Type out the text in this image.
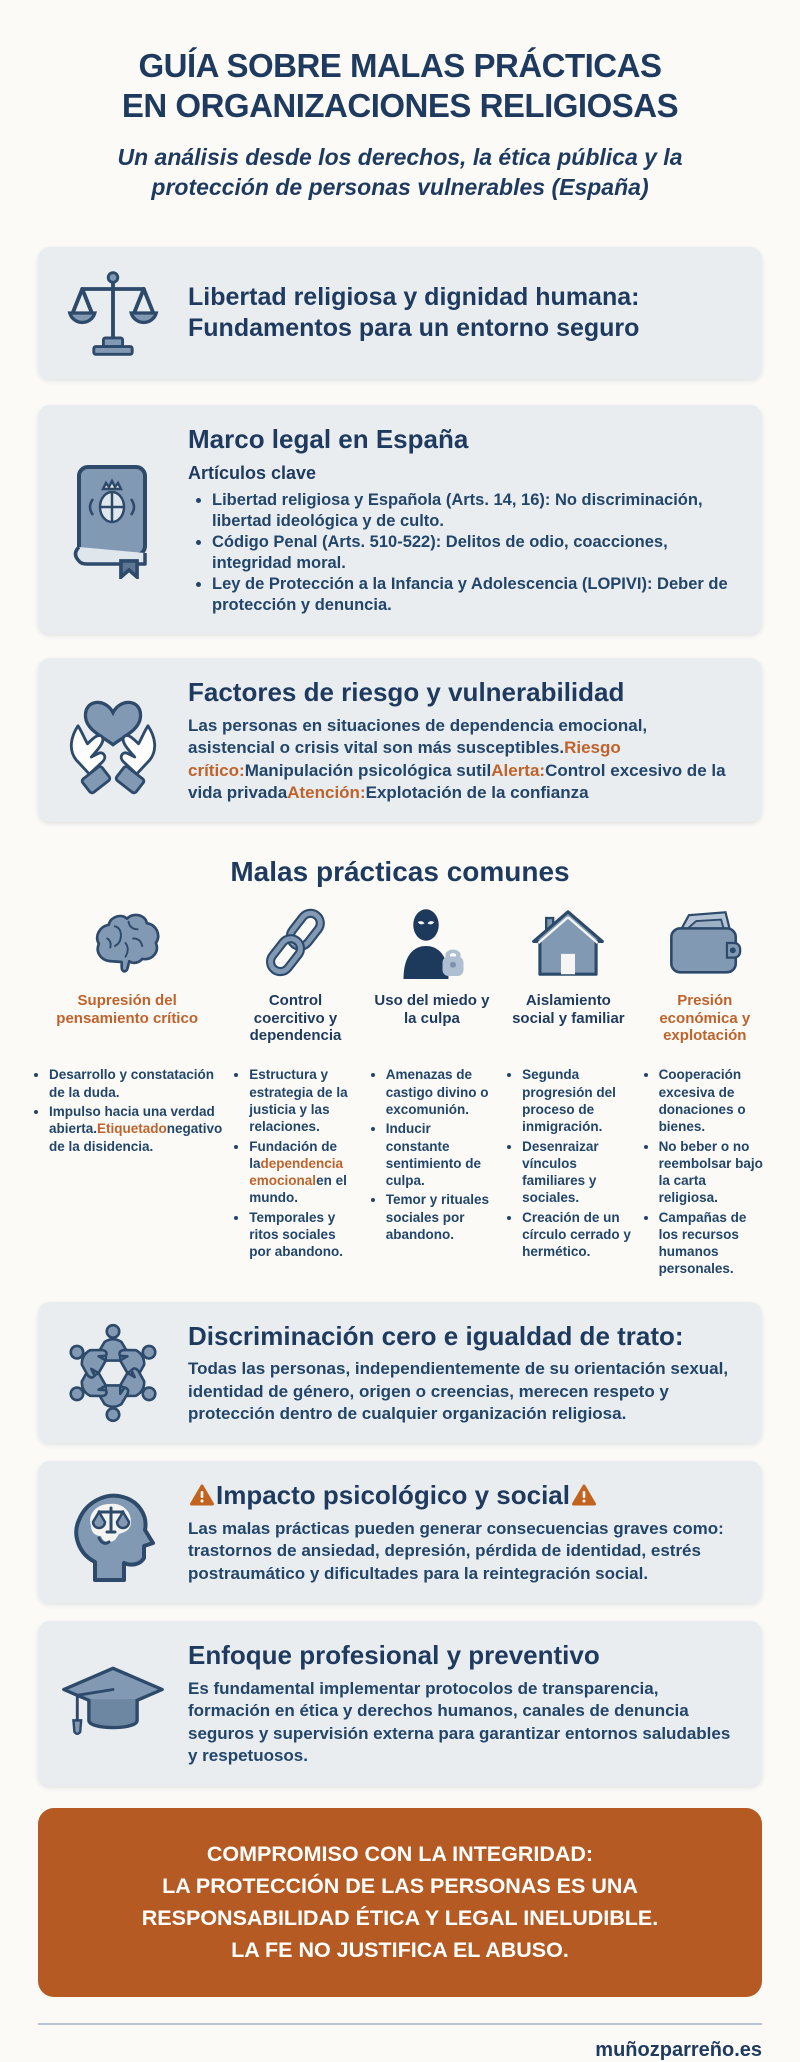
GUÍA SOBRE MALAS PRÁCTICAS
EN ORGANIZACIONES RELIGIOSAS

Un análisis desde los derechos, la ética pública y la protección de personas vulnerables (España)

Libertad religiosa y dignidad humana:
Fundamentos para un entorno seguro
Marco legal en España
Artículos clave
• Libertad religiosa y Española (Arts. 14, 16): No discriminación, libertad ideológica y de culto.
• Código Penal (Arts. 510-522): Delitos de odio, coacciones, integridad moral.
• Ley de Protección a la Infancia y Adolescencia (LOPIVI): Deber de protección y denuncia.
Factores de riesgo y vulnerabilidad
Las personas en situaciones de dependencia emocional, asistencial o crisis vital son más susceptibles.Riesgo crítico:Manipulación psicológica sutilAlerta:Control excesivo de la vida privadaAtención:Explotación de la confianza
Malas prácticas comunes
Supresión del pensamiento crítico
• Desarrollo y constatación de la duda.
• Impulso hacia una verdad abierta.Etiquetadonegativo de la disidencia.
Control coercitivo y dependencia
• Estructura y estrategia de la justicia y las relaciones.
• Fundación de ladependencia emocionalen el mundo.
• Temporales y ritos sociales por abandono.
Uso del miedo y la culpa
• Amenazas de castigo divino o excomunión.
• Inducir constante sentimiento de culpa.
• Temor y rituales sociales por abandono.
Aislamiento social y familiar
• Segunda progresión del proceso de inmigración.
• Desenraizar vínculos familiares y sociales.
• Creación de un círculo cerrado y hermético.
Presión económica y explotación
• Cooperación excesiva de donaciones o bienes.
• No beber o no reembolsar bajo la carta religiosa.
• Campañas de los recursos humanos personales.
Discriminación cero e igualdad de trato:
Todas las personas, independientemente de su orientación sexual, identidad de género, origen o creencias, merecen respeto y protección dentro de cualquier organización religiosa.
Impacto psicológico y social
Las malas prácticas pueden generar consecuencias graves como: trastornos de ansiedad, depresión, pérdida de identidad, estrés postraumático y dificultades para la reintegración social.
Enfoque profesional y preventivo
Es fundamental implementar protocolos de transparencia, formación en ética y derechos humanos, canales de denuncia seguros y supervisión externa para garantizar entornos saludables y respetuosos.
COMPROMISO CON LA INTEGRIDAD:
LA PROTECCIÓN DE LAS PERSONAS ES UNA
RESPONSABILIDAD ÉTICA Y LEGAL INELUDIBLE.
LA FE NO JUSTIFICA EL ABUSO.
muñozparreño.es
